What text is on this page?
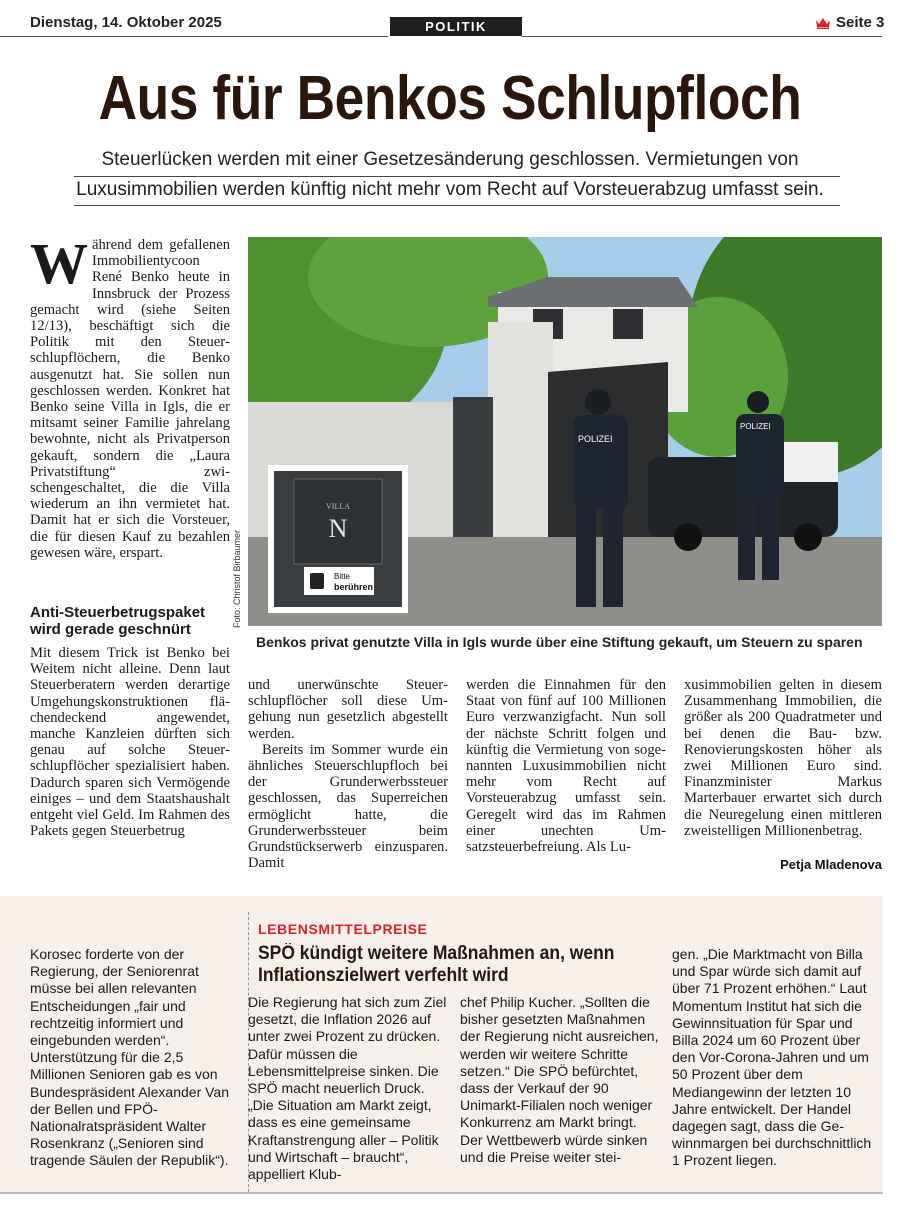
Dienstag, 14. Oktober 2025	POLITIK	Seite 3
Aus für Benkos Schlupfloch
Steuerlücken werden mit einer Gesetzesänderung geschlossen. Vermietungen von
Luxusimmobilien werden künftig nicht mehr vom Recht auf Vorsteuerabzug umfasst sein.
Während dem gefallenen Immobilientycoon René Benko heute in Innsbruck der Prozess gemacht wird (siehe Seiten 12/13), beschäftigt sich die Politik mit den Steuerschlupflöchern, die Benko ausgenutzt hat. Sie sollen nun geschlossen werden. Konkret hat Benko seine Villa in Igls, die er mitsamt seiner Familie jahrelang bewohnte, nicht als Privatperson gekauft, sondern die „Laura Privatstiftung“ zwischengeschaltet, die die Villa wiederum an ihn vermietet hat. Damit hat er sich die Vorsteuer, die für diesen Kauf zu bezahlen gewesen wäre, erspart.
Anti-Steuerbetrugspaket wird gerade geschnürt

Mit diesem Trick ist Benko bei Weitem nicht alleine. Denn laut Steuerberatern werden derartige Umgehungskonstruktionen flächendeckend angewendet, manche Kanzleien dürften sich genau auf solche Steuerschlupflöcher spezialisiert haben. Dadurch sparen sich Vermögende einiges – und dem Staatshaushalt entgeht viel Geld. Im Rahmen des Pakets gegen Steuerbetrug

POLIZEI
POLIZEI
VILLA
N
Bitte
berühren
Foto: Christof Birbaumer
Benkos privat genutzte Villa in Igls wurde über eine Stiftung gekauft, um Steuern zu sparen

und unerwünschte Steuerschlupflöcher soll diese Umgehung nun gesetzlich abgestellt werden.

Bereits im Sommer wurde ein ähnliches Steuerschlupfloch bei der Grunderwerbssteuer geschlossen, das Superreichen ermöglicht hatte, die Grunderwerbssteuer beim Grundstückserwerb einzusparen. Damit

werden die Einnahmen für den Staat von fünf auf 100 Millionen Euro verzwanzigfacht. Nun soll der nächste Schritt folgen und künftig die Vermietung von sogenannten Luxusimmobilien nicht mehr vom Recht auf Vorsteuerabzug umfasst sein. Geregelt wird das im Rahmen einer unechten Umsatzsteuerbefreiung. Als Lu-

xusimmobilien gelten in diesem Zusammenhang Immobilien, die größer als 200 Quadratmeter und bei denen die Bau- bzw. Renovierungskosten höher als zwei Millionen Euro sind. Finanzminister Markus Marterbauer erwartet sich durch die Neuregelung einen mittleren zweistelligen Millionenbetrag.

Petja Mladenova
LEBENSMITTELPREISE
SPÖ kündigt weitere Maßnahmen an, wenn Inflationszielwert verfehlt wird

Korosec forderte von der Regierung, der Seniorenrat müsse bei allen relevanten Entscheidungen „fair und rechtzeitig informiert und eingebunden werden“. Unterstützung für die 2,5 Millionen Senioren gab es von Bundespräsident Alexander Van der Bellen und FPÖ-Nationalratspräsident Walter Rosenkranz („Senioren sind tragende Säulen der Republik“).

Die Regierung hat sich zum Ziel gesetzt, die Inflation 2026 auf unter zwei Prozent zu drücken. Dafür müssen die Lebensmittelpreise sinken. Die SPÖ macht neuerlich Druck. „Die Situation am Markt zeigt, dass es eine gemeinsame Kraftanstrengung aller – Politik und Wirtschaft – braucht“, appelliert Klub-

chef Philip Kucher. „Sollten die bisher gesetzten Maßnahmen der Regierung nicht ausreichen, werden wir weitere Schritte setzen.“ Die SPÖ befürchtet, dass der Verkauf der 90 Unimarkt-Filialen noch weniger Konkurrenz am Markt bringt. Der Wettbewerb würde sinken und die Preise weiter stei-

gen. „Die Marktmacht von Billa und Spar würde sich damit auf über 71 Prozent erhöhen.“ Laut Momentum Institut hat sich die Gewinnsituation für Spar und Billa 2024 um 60 Prozent über den Vor-Corona-Jahren und um 50 Prozent über dem Mediangewinn der letzten 10 Jahre entwickelt. Der Handel dagegen sagt, dass die Gewinnmargen bei durchschnittlich 1 Prozent liegen.
